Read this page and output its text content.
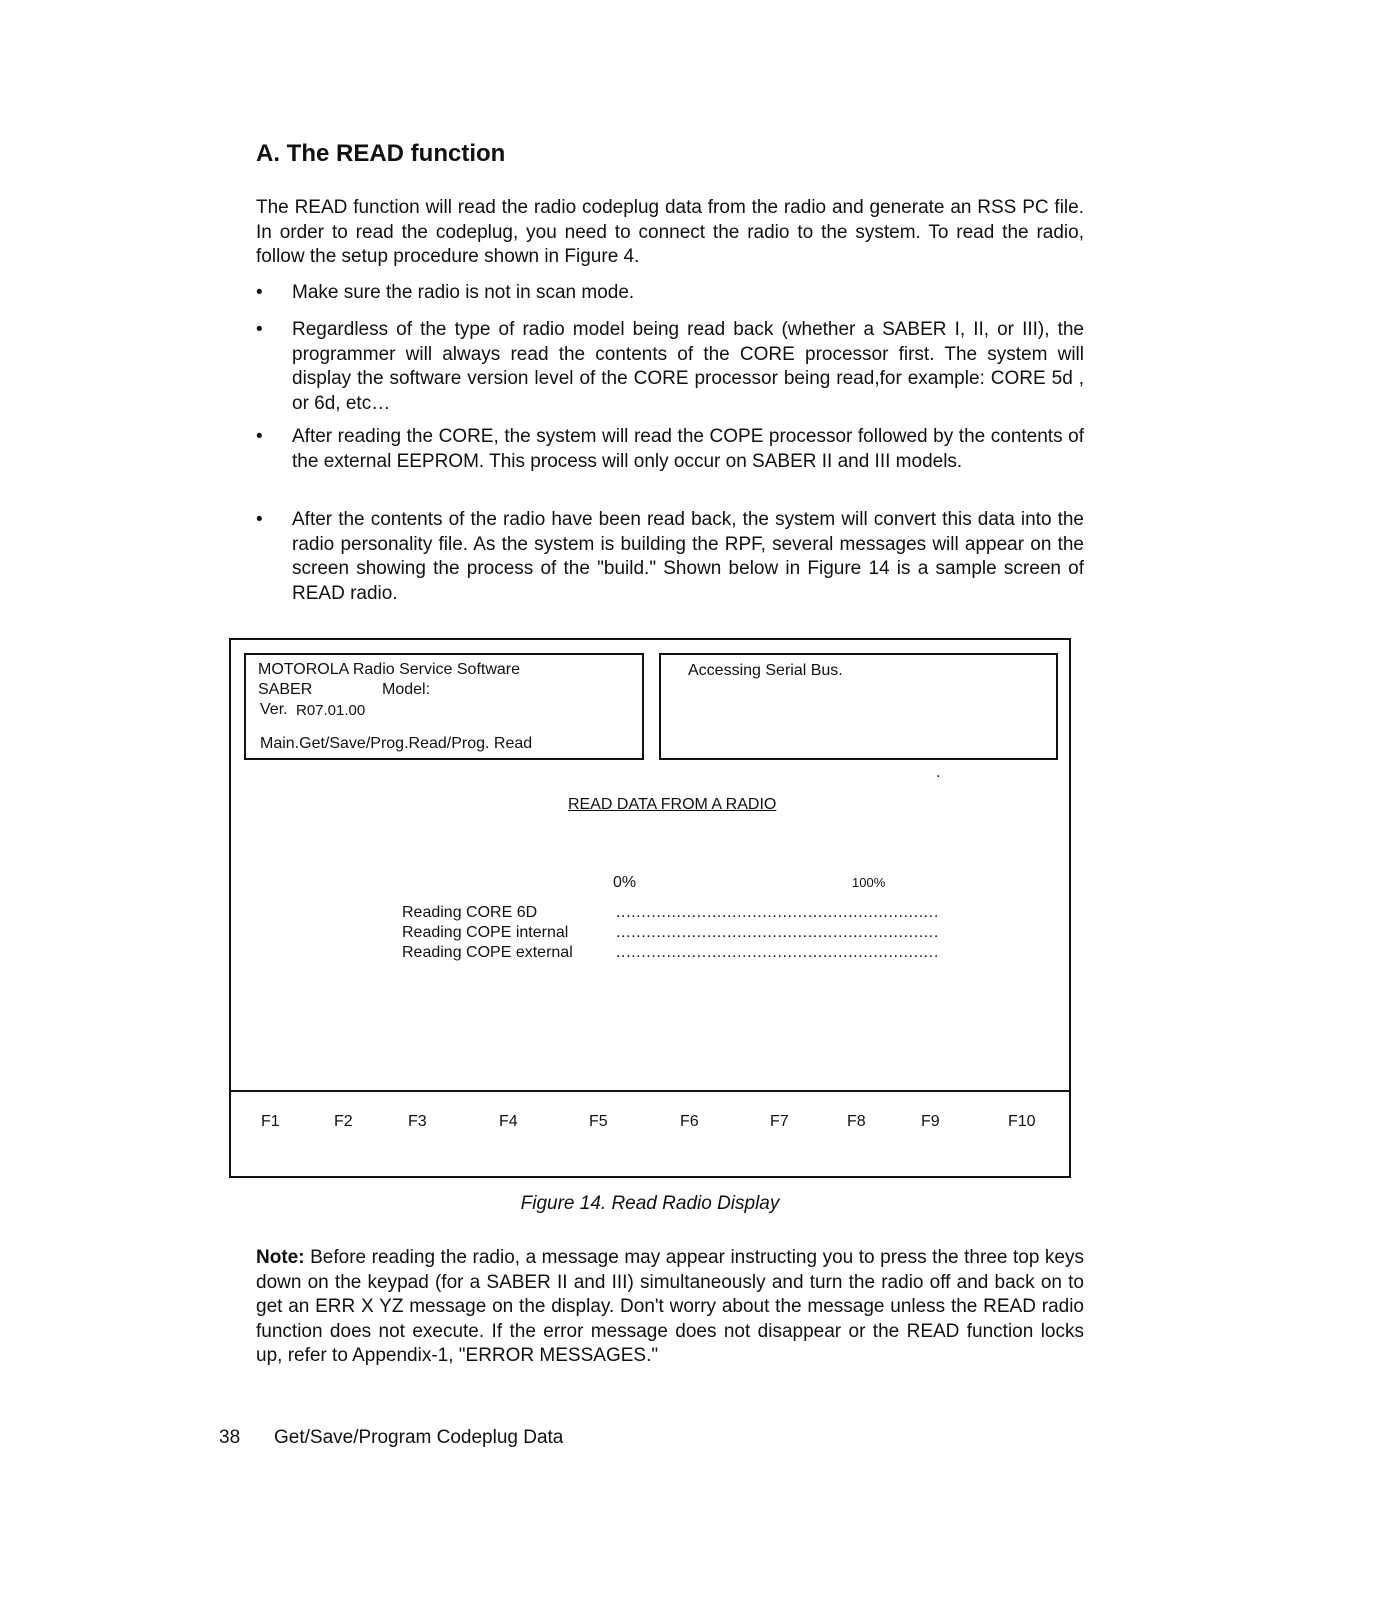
A. The READ function

The READ function will read the radio codeplug data from the radio and generate an RSS PC file. In order to read the codeplug, you need to connect the radio to the system. To read the radio, follow the setup procedure shown in Figure 4.

• Make sure the radio is not in scan mode.

• Regardless of the type of radio model being read back (whether a SABER I, II, or III), the programmer will always read the contents of the CORE processor first. The system will display the software version level of the CORE processor being read,for example: CORE 5d , or 6d, etc…

• After reading the CORE, the system will read the COPE processor followed by the contents of the external EEPROM. This process will only occur on SABER II and III models.

• After the contents of the radio have been read back, the system will convert this data into the radio personality file. As the system is building the RPF, several messages will appear on the screen showing the process of the "build." Shown below in Figure 14 is a sample screen of READ radio.

MOTOROLA Radio Service Software
SABER	Model:
Ver. R07.01.00
Main.Get/Save/Prog.Read/Prog. Read
Accessing Serial Bus.
.
READ DATA FROM A RADIO
0%	100%
Reading CORE 6D	................................................................
Reading COPE internal	................................................................
Reading COPE external	................................................................
F1	F2	F3	F4	F5	F6	F7	F8	F9	F10
Figure 14. Read Radio Display

Note: Before reading the radio, a message may appear instructing you to press the three top keys down on the keypad (for a SABER II and III) simultaneously and turn the radio off and back on to get an ERR X YZ message on the display. Don't worry about the message unless the READ radio function does not execute. If the error message does not disappear or the READ function locks up, refer to Appendix-1, "ERROR MESSAGES."

38 Get/Save/Program Codeplug Data
